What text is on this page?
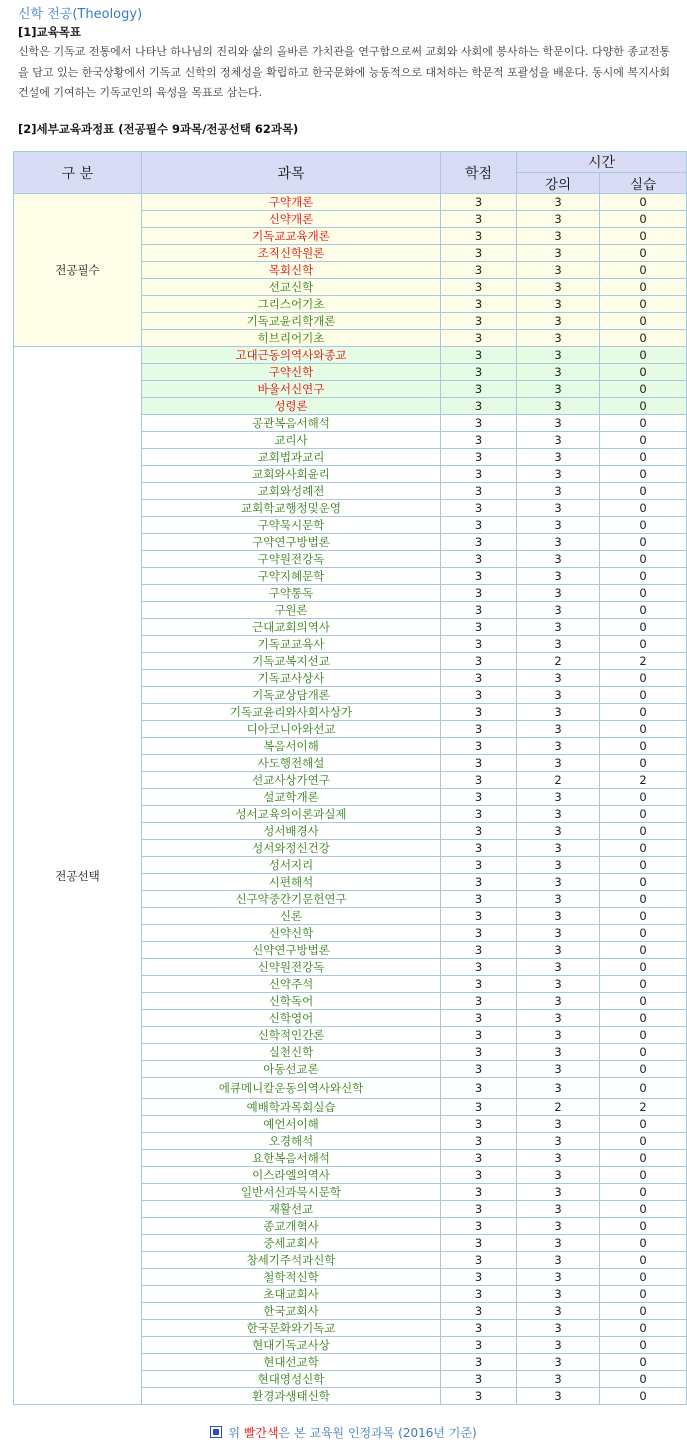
신학 전공(Theology)
[1]교육목표
신학은 기독교 전통에서 나타난 하나님의 진리와 삶의 올바른 가치관을 연구함으로써 교회와 사회에 봉사하는 학문이다. 다양한 종교전통을 담고 있는 한국상황에서 기독교 신학의 정체성을 확립하고 한국문화에 능동적으로 대처하는 학문적 포괄성을 배운다. 동시에 복지사회 건설에 기여하는 기독교인의 육성을 목표로 삼는다.
[2]세부교육과정표 (전공필수 9과목/전공선택 62과목)
구 분	과목	학점	시간	
			강의	실습
전공필수	구약개론	3	3	0
	신약개론	3	3	0
	기독교교육개론	3	3	0
	조직신학원론	3	3	0
	목회신학	3	3	0
	선교신학	3	3	0
	그리스어기초	3	3	0
	기독교윤리학개론	3	3	0
	히브리어기초	3	3	0
전공선택	고대근동의역사와종교	3	3	0
	구약신학	3	3	0
	바울서신연구	3	3	0
	성령론	3	3	0
	공관복음서해석	3	3	0
	교리사	3	3	0
	교회법과교리	3	3	0
	교회와사회윤리	3	3	0
	교회와성례전	3	3	0
	교회학교행정및운영	3	3	0
	구약묵시문학	3	3	0
	구약연구방법론	3	3	0
	구약원전강독	3	3	0
	구약지혜문학	3	3	0
	구약통독	3	3	0
	구원론	3	3	0
	근대교회의역사	3	3	0
	기독교교육사	3	3	0
	기독교복지선교	3	2	2
	기독교사상사	3	3	0
	기독교상담개론	3	3	0
	기독교윤리와사회사상가	3	3	0
	디아코니아와선교	3	3	0
	복음서이해	3	3	0
	사도행전해설	3	3	0
	선교사상가연구	3	2	2
	설교학개론	3	3	0
	성서교육의이론과실제	3	3	0
	성서배경사	3	3	0
	성서와정신건강	3	3	0
	성서지리	3	3	0
	시편해석	3	3	0
	신구약중간기문헌연구	3	3	0
	신론	3	3	0
	신약신학	3	3	0
	신약연구방법론	3	3	0
	신약원전강독	3	3	0
	신약주석	3	3	0
	신학독어	3	3	0
	신학영어	3	3	0
	신학적인간론	3	3	0
	실천신학	3	3	0
	아동선교론	3	3	0
	에큐메니칼운동의역사와신학	3	3	0
	예배학과목회실습	3	2	2
	예언서이해	3	3	0
	오경해석	3	3	0
	요한복음서해석	3	3	0
	이스라엘의역사	3	3	0
	일반서신과묵시문학	3	3	0
	재활선교	3	3	0
	종교개혁사	3	3	0
	중세교회사	3	3	0
	창세기주석과신학	3	3	0
	철학적신학	3	3	0
	초대교회사	3	3	0
	한국교회사	3	3	0
	한국문화와기독교	3	3	0
	현대기독교사상	3	3	0
	현대선교학	3	3	0
	현대영성신학	3	3	0
	환경과생태신학	3	3	0
위 빨간색은 본 교육원 인정과목 (2016년 기준)
